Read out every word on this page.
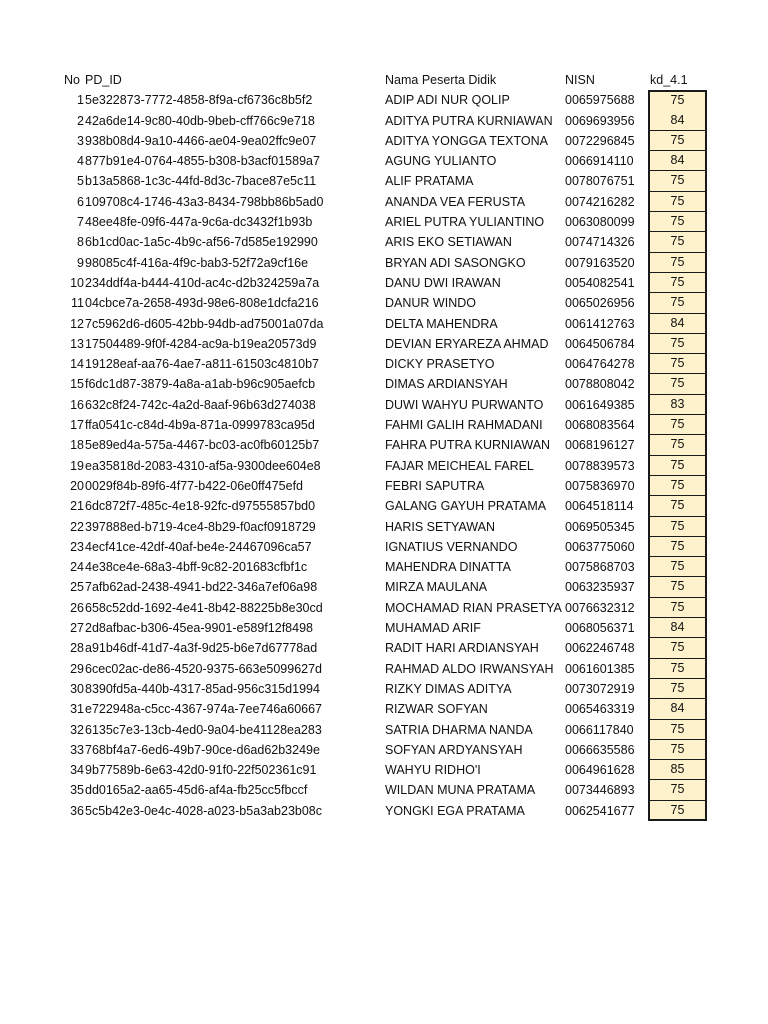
No PD_ID	Nama Peserta Didik	NISN	kd_4.1
1 5e322873-7772-4858-8f9a-cf6736c8b5f2	ADIP ADI NUR QOLIP	0065975688	75
2 42a6de14-9c80-40db-9beb-cff766c9e718	ADITYA PUTRA KURNIAWAN 0069693956	84
3 938b08d4-9a10-4466-ae04-9ea02ffc9e07	ADITYA YONGGA TEXTONA	0072296845	75
4 877b91e4-0764-4855-b308-b3acf01589a7	AGUNG YULIANTO	0066914110	84
5 b13a5868-1c3c-44fd-8d3c-7bace87e5c11	ALIF PRATAMA	0078076751	75
6 109708c4-1746-43a3-8434-798bb86b5ad0	ANANDA VEA FERUSTA	0074216282	75
7 48ee48fe-09f6-447a-9c6a-dc3432f1b93b	ARIEL PUTRA YULIANTINO	0063080099	75
8 6b1cd0ac-1a5c-4b9c-af56-7d585e192990	ARIS EKO SETIAWAN	0074714326	75
9 98085c4f-416a-4f9c-bab3-52f72a9cf16e	BRYAN ADI SASONGKO	0079163520	75
10 234ddf4a-b444-410d-ac4c-d2b324259a7a	DANU DWI IRAWAN	0054082541	75
11 04cbce7a-2658-493d-98e6-808e1dcfa216	DANUR WINDO	0065026956	75
12 7c5962d6-d605-42bb-94db-ad75001a07da	DELTA MAHENDRA	0061412763	84
13 17504489-9f0f-4284-ac9a-b19ea20573d9	DEVIAN ERYAREZA AHMAD	0064506784	75
14 19128eaf-aa76-4ae7-a811-61503c4810b7	DICKY PRASETYO	0064764278	75
15 f6dc1d87-3879-4a8a-a1ab-b96c905aefcb	DIMAS ARDIANSYAH	0078808042	75
16 632c8f24-742c-4a2d-8aaf-96b63d274038	DUWI WAHYU PURWANTO	0061649385	83
17 ffa0541c-c84d-4b9a-871a-0999783ca95d	FAHMI GALIH RAHMADANI	0068083564	75
18 5e89ed4a-575a-4467-bc03-ac0fb60125b7	FAHRA PUTRA KURNIAWAN	0068196127	75
19 ea35818d-2083-4310-af5a-9300dee604e8	FAJAR MEICHEAL FAREL	0078839573	75
20 0029f84b-89f6-4f77-b422-06e0ff475efd	FEBRI SAPUTRA	0075836970	75
21 6dc872f7-485c-4e18-92fc-d97555857bd0	GALANG GAYUH PRATAMA	0064518114	75
22 397888ed-b719-4ce4-8b29-f0acf0918729	HARIS SETYAWAN	0069505345	75
23 4ecf41ce-42df-40af-be4e-24467096ca57	IGNATIUS VERNANDO	0063775060	75
24 4e38ce4e-68a3-4bff-9c82-201683cfbf1c	MAHENDRA DINATTA	0075868703	75
25 7afb62ad-2438-4941-bd22-346a7ef06a98	MIRZA MAULANA	0063235937	75
26 658c52dd-1692-4e41-8b42-88225b8e30cd	MOCHAMAD RIAN PRASETYA 0076632312	75
27 2d8afbac-b306-45ea-9901-e589f12f8498	MUHAMAD ARIF	0068056371	84
28 a91b46df-41d7-4a3f-9d25-b6e7d67778ad	RADIT HARI ARDIANSYAH	0062246748	75
29 6cec02ac-de86-4520-9375-663e5099627d	RAHMAD ALDO IRWANSYAH 0061601385	75
30 8390fd5a-440b-4317-85ad-956c315d1994	RIZKY DIMAS ADITYA	0073072919	75
31 e722948a-c5cc-4367-974a-7ee746a60667	RIZWAR SOFYAN	0065463319	84
32 6135c7e3-13cb-4ed0-9a04-be41128ea283	SATRIA DHARMA NANDA	0066117840	75
33 768bf4a7-6ed6-49b7-90ce-d6ad62b3249e	SOFYAN ARDYANSYAH	0066635586	75
34 9b77589b-6e63-42d0-91f0-22f502361c91	WAHYU RIDHO'I	0064961628	85
35 dd0165a2-aa65-45d6-af4a-fb25cc5fbccf	WILDAN MUNA PRATAMA	0073446893	75
36 5c5b42e3-0e4c-4028-a023-b5a3ab23b08c	YONGKI EGA PRATAMA	0062541677	75
